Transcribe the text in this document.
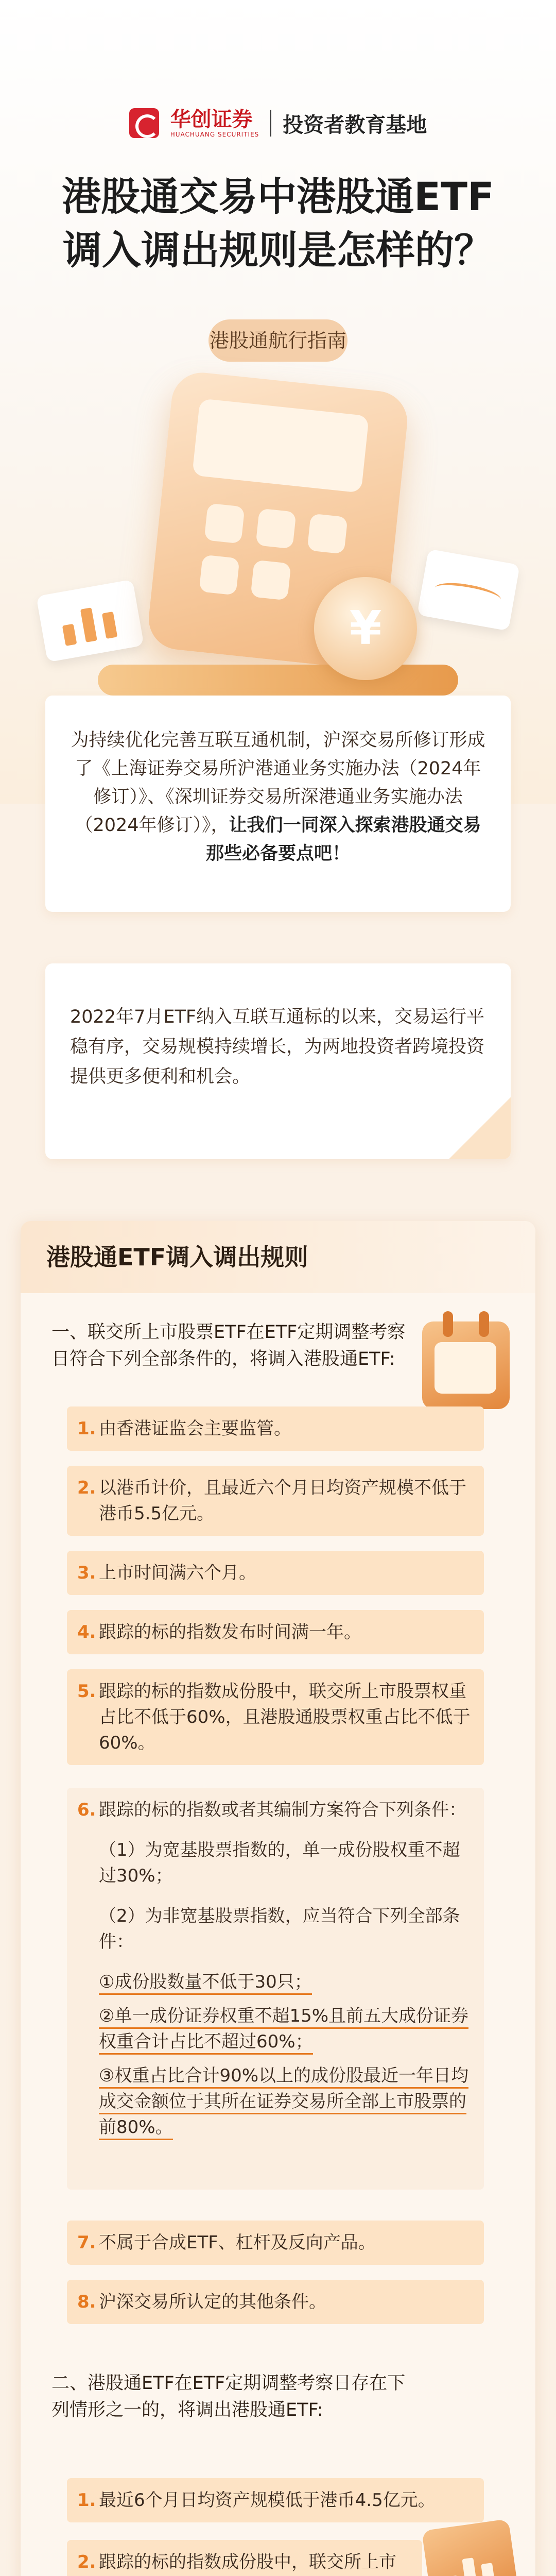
华创证券
HUACHUANG SECURITIES 投资者教育基地
港股通交易中港股通ETF
调入调出规则是怎样的？
港股通航行指南
¥
为持续优化完善互联互通机制，沪深交易所修订形成了《上海证券交易所沪港通业务实施办法（2024年修订）》、《深圳证券交易所深港通业务实施办法（2024年修订）》，让我们一同深入探索港股通交易那些必备要点吧！
2022年7月ETF纳入互联互通标的以来，交易运行平稳有序，交易规模持续增长，为两地投资者跨境投资提供更多便利和机会。
港股通ETF调入调出规则
一、联交所上市股票ETF在ETF定期调整考察日符合下列全部条件的，将调入港股通ETF:
1. 由香港证监会主要监管。
2. 以港币计价，且最近六个月日均资产规模不低于港币5.5亿元。
3. 上市时间满六个月。
4. 跟踪的标的指数发布时间满一年。
5. 跟踪的标的指数成份股中，联交所上市股票权重占比不低于60%，且港股通股票权重占比不低于60%。
6. 跟踪的标的指数或者其编制方案符合下列条件：
（1）为宽基股票指数的，单一成份股权重不超过30%；
（2）为非宽基股票指数，应当符合下列全部条件：
①成份股数量不低于30只；
②单一成份证券权重不超15%且前五大成份证券权重合计占比不超过60%；
③权重占比合计90%以上的成份股最近一年日均成交金额位于其所在证券交易所全部上市股票的前80%。
7. 不属于合成ETF、杠杆及反向产品。
8. 沪深交易所认定的其他条件。
二、港股通ETF在ETF定期调整考察日存在下列情形之一的，将调出港股通ETF:
1. 最近6个月日均资产规模低于港币4.5亿元。
2. 跟踪的标的指数成份股中，联交所上市
